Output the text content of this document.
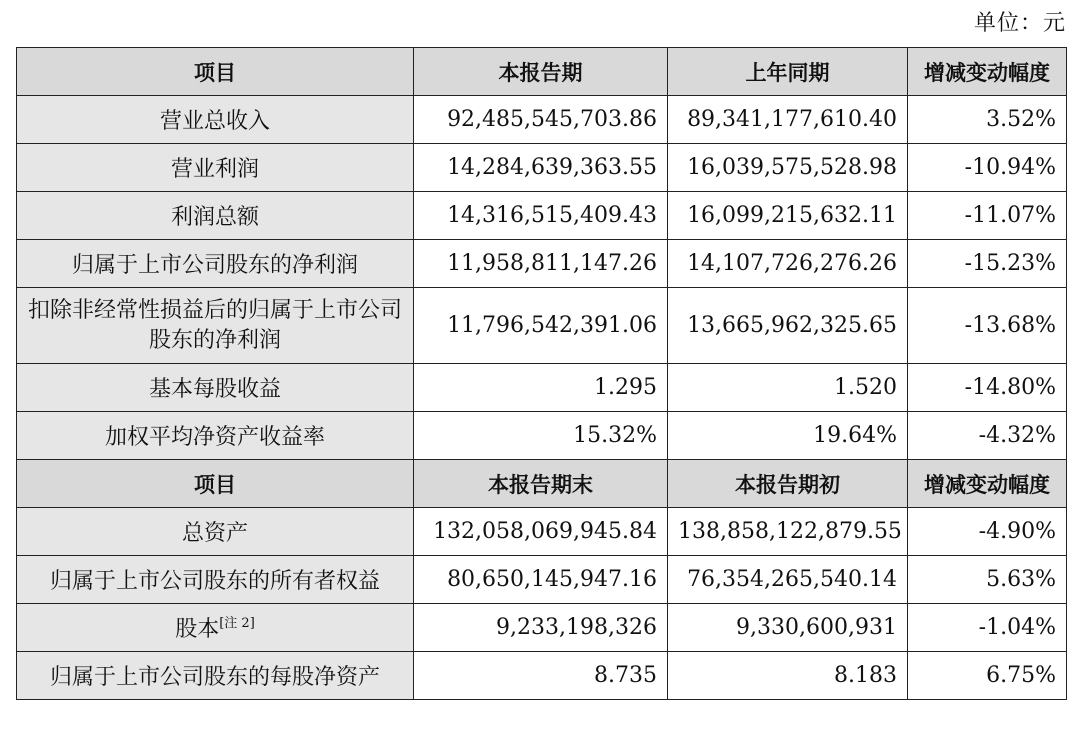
单位：元
项目	本报告期	上年同期	增减变动幅度
营业总收入	92,485,545,703.86	89,341,177,610.40	3.52%
营业利润	14,284,639,363.55	16,039,575,528.98	-10.94%
利润总额	14,316,515,409.43	16,099,215,632.11	-11.07%
归属于上市公司股东的净利润	11,958,811,147.26	14,107,726,276.26	-15.23%
扣除非经常性损益后的归属于上市公司股东的净利润	11,796,542,391.06	13,665,962,325.65	-13.68%
基本每股收益	1.295	1.520	-14.80%
加权平均净资产收益率	15.32%	19.64%	-4.32%
项目	本报告期末	本报告期初	增减变动幅度
总资产	132,058,069,945.84	138,858,122,879.55	-4.90%
归属于上市公司股东的所有者权益	80,650,145,947.16	76,354,265,540.14	5.63%
股本[注 2]	9,233,198,326	9,330,600,931	-1.04%
归属于上市公司股东的每股净资产	8.735	8.183	6.75%
